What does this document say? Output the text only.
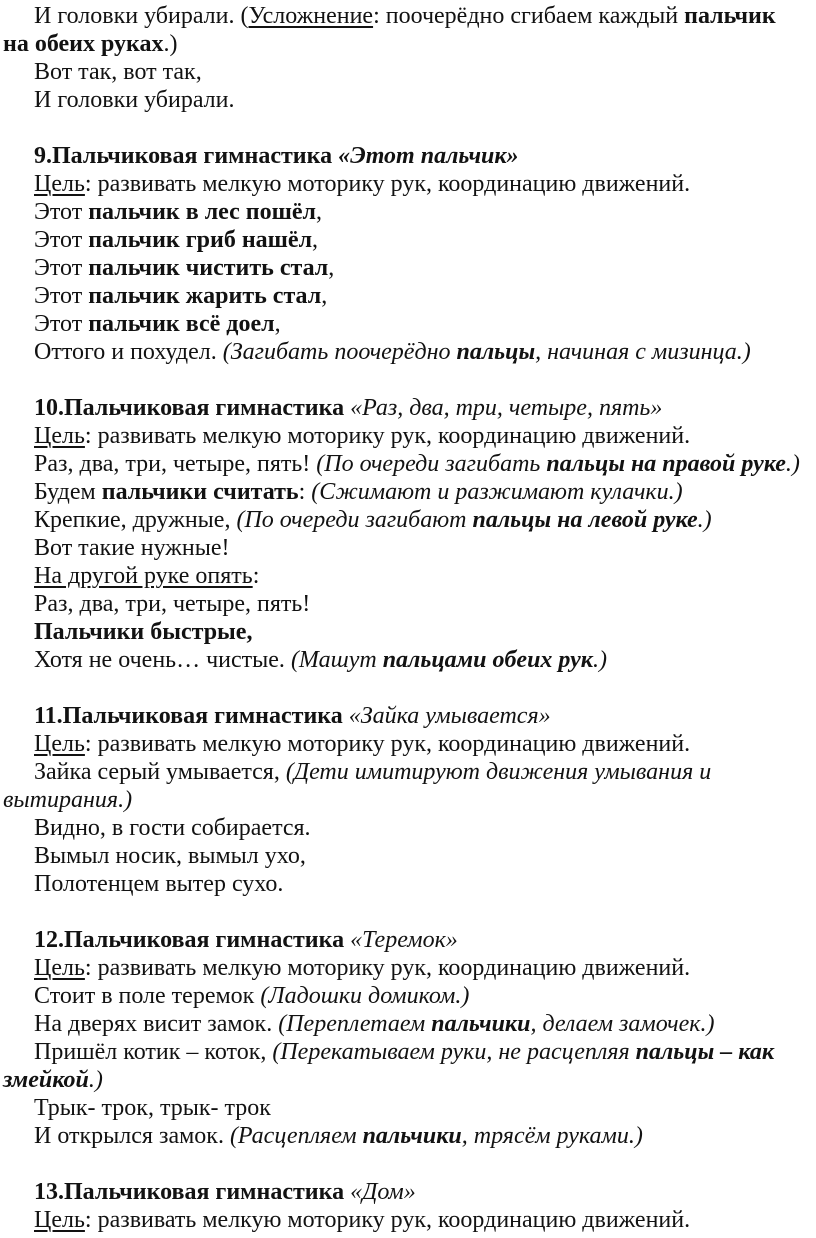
И головки убирали. (Усложнение: поочерёдно сгибаем каждый пальчик
на обеих руках.)
Вот так, вот так,
И головки убирали.
9.Пальчиковая гимнастика «Этот пальчик»
Цель: развивать мелкую моторику рук, координацию движений.
Этот пальчик в лес пошёл,
Этот пальчик гриб нашёл,
Этот пальчик чистить стал,
Этот пальчик жарить стал,
Этот пальчик всё доел,
Оттого и похудел. (Загибать поочерёдно пальцы, начиная с мизинца.)
10.Пальчиковая гимнастика «Раз, два, три, четыре, пять»
Цель: развивать мелкую моторику рук, координацию движений.
Раз, два, три, четыре, пять! (По очереди загибать пальцы на правой руке.)
Будем пальчики считать: (Сжимают и разжимают кулачки.)
Крепкие, дружные, (По очереди загибают пальцы на левой руке.)
Вот такие нужные!
На другой руке опять:
Раз, два, три, четыре, пять!
Пальчики быстрые,
Хотя не очень… чистые. (Машут пальцами обеих рук.)
11.Пальчиковая гимнастика «Зайка умывается»
Цель: развивать мелкую моторику рук, координацию движений.
Зайка серый умывается, (Дети имитируют движения умывания и
вытирания.)
Видно, в гости собирается.
Вымыл носик, вымыл ухо,
Полотенцем вытер сухо.
12.Пальчиковая гимнастика «Теремок»
Цель: развивать мелкую моторику рук, координацию движений.
Стоит в поле теремок (Ладошки домиком.)
На дверях висит замок. (Переплетаем пальчики, делаем замочек.)
Пришёл котик – коток, (Перекатываем руки, не расцепляя пальцы – как
змейкой.)
Трык- трок, трык- трок
И открылся замок. (Расцепляем пальчики, трясём руками.)
13.Пальчиковая гимнастика «Дом»
Цель: развивать мелкую моторику рук, координацию движений.
